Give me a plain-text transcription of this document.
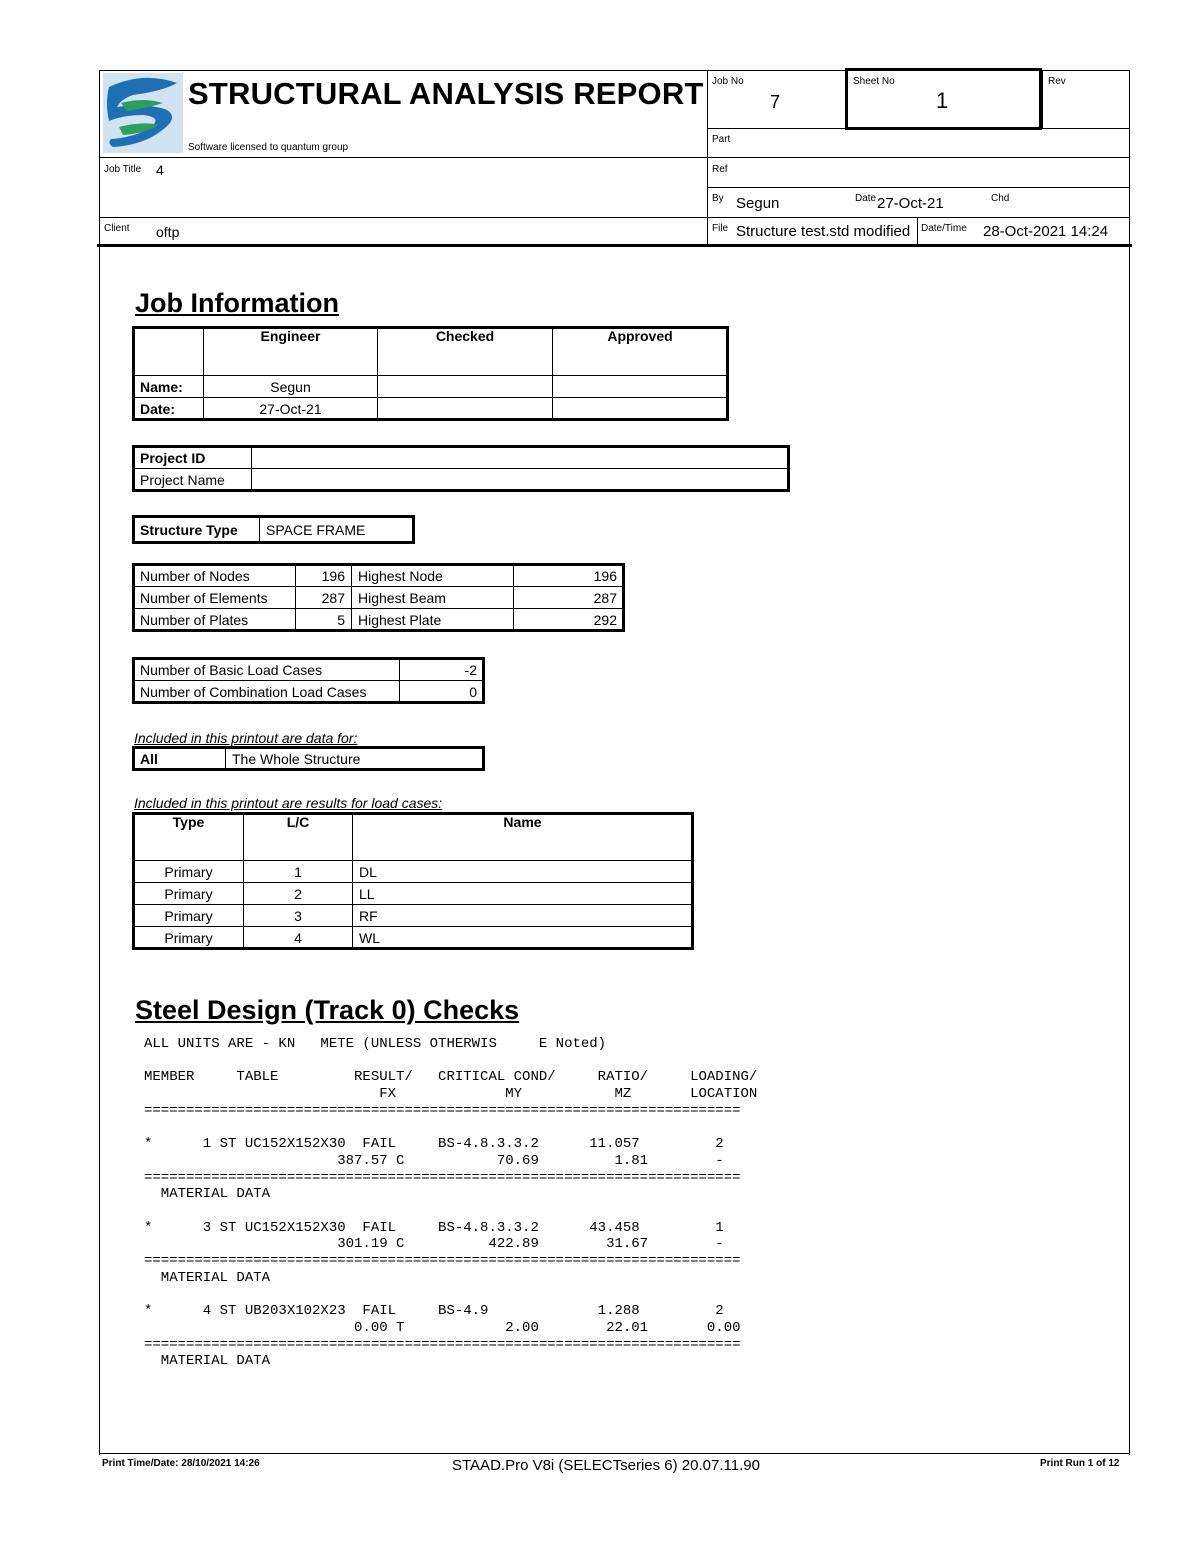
STRUCTURAL ANALYSIS REPORT
Software licensed to quantum group
Job No
7
Sheet No
1
Rev
Part
Ref
Job Title 4
By Segun	Date 27-Oct-21	Chd
Client oftp	File Structure test.std modified	Date/Time 28-Oct-2021 14:24
Job Information
	Engineer	Checked	Approved
Name:	Segun		
Date:	27-Oct-21		
Project ID	
Project Name	
Structure Type	SPACE FRAME
Number of Nodes	196	Highest Node	196
Number of Elements	287	Highest Beam	287
Number of Plates	5	Highest Plate	292
Number of Basic Load Cases	-2
Number of Combination Load Cases	0
Included in this printout are data for:
All	The Whole Structure
Included in this printout are results for load cases:
Type	L/C	Name
Primary	1	DL
Primary	2	LL
Primary	3	RF
Primary	4	WL
Steel Design (Track 0) Checks
ALL UNITS ARE - KN   METE (UNLESS OTHERWIS     E Noted)

MEMBER     TABLE         RESULT/   CRITICAL COND/     RATIO/     LOADING/
FX             MY           MZ       LOCATION
=======================================================================

*      1 ST UC152X152X30  FAIL     BS-4.8.3.3.2      11.057         2
387.57 C           70.69         1.81        -
=======================================================================
MATERIAL DATA

*      3 ST UC152X152X30  FAIL     BS-4.8.3.3.2      43.458         1
301.19 C          422.89        31.67        -
=======================================================================
MATERIAL DATA

*      4 ST UB203X102X23  FAIL     BS-4.9             1.288         2
0.00 T            2.00        22.01       0.00
=======================================================================
MATERIAL DATA
Print Time/Date: 28/10/2021 14:26	STAAD.Pro V8i (SELECTseries 6) 20.07.11.90	Print Run 1 of 12
